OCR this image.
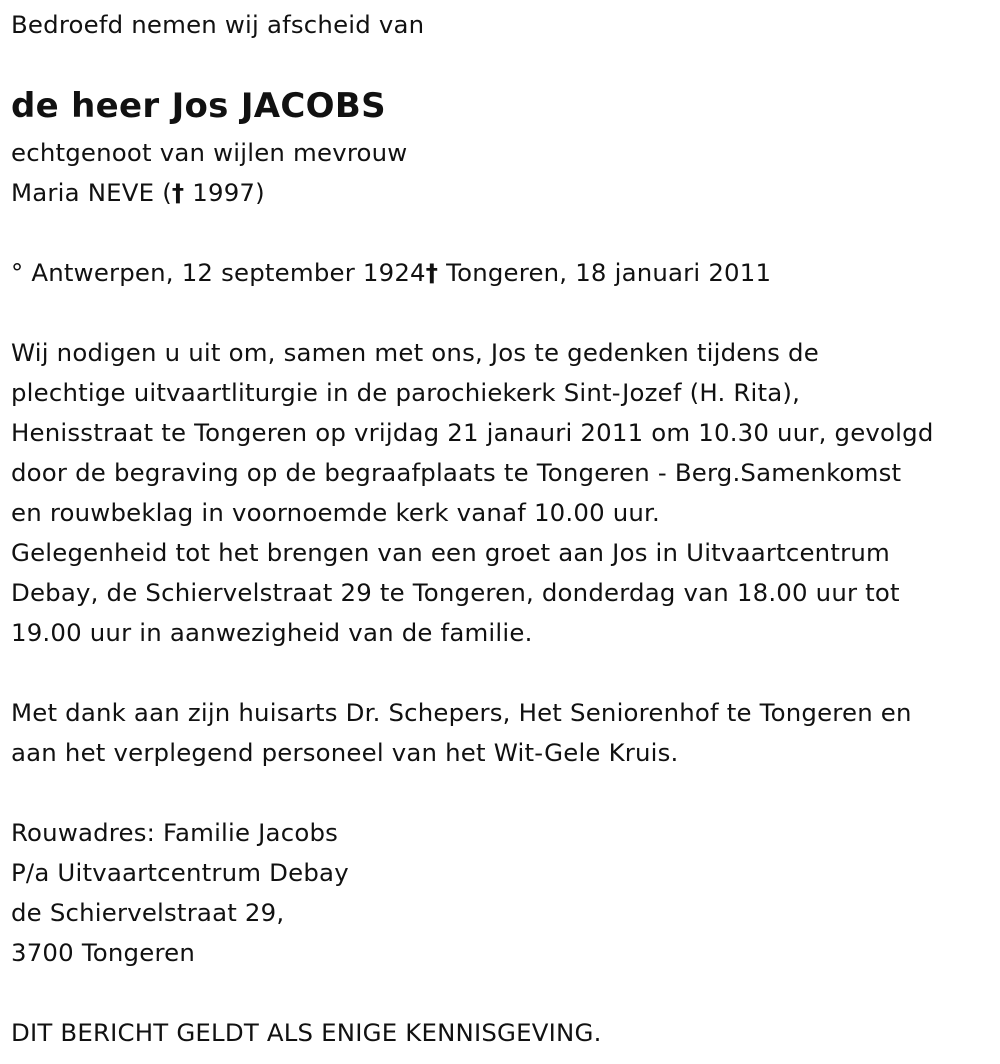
Bedroefd nemen wij afscheid van
de heer Jos JACOBS
echtgenoot van wijlen mevrouw
Maria NEVE († 1997)
° Antwerpen, 12 september 1924† Tongeren, 18 januari 2011
Wij nodigen u uit om, samen met ons, Jos te gedenken tijdens de
plechtige uitvaartliturgie in de parochiekerk Sint-Jozef (H. Rita),
Henisstraat te Tongeren op vrijdag 21 janauri 2011 om 10.30 uur, gevolgd
door de begraving op de begraafplaats te Tongeren - Berg.Samenkomst
en rouwbeklag in voornoemde kerk vanaf 10.00 uur.
Gelegenheid tot het brengen van een groet aan Jos in Uitvaartcentrum
Debay, de Schiervelstraat 29 te Tongeren, donderdag van 18.00 uur tot
19.00 uur in aanwezigheid van de familie.
Met dank aan zijn huisarts Dr. Schepers, Het Seniorenhof te Tongeren en
aan het verplegend personeel van het Wit-Gele Kruis.
Rouwadres: Familie Jacobs
P/a Uitvaartcentrum Debay
de Schiervelstraat 29,
3700 Tongeren
DIT BERICHT GELDT ALS ENIGE KENNISGEVING.
